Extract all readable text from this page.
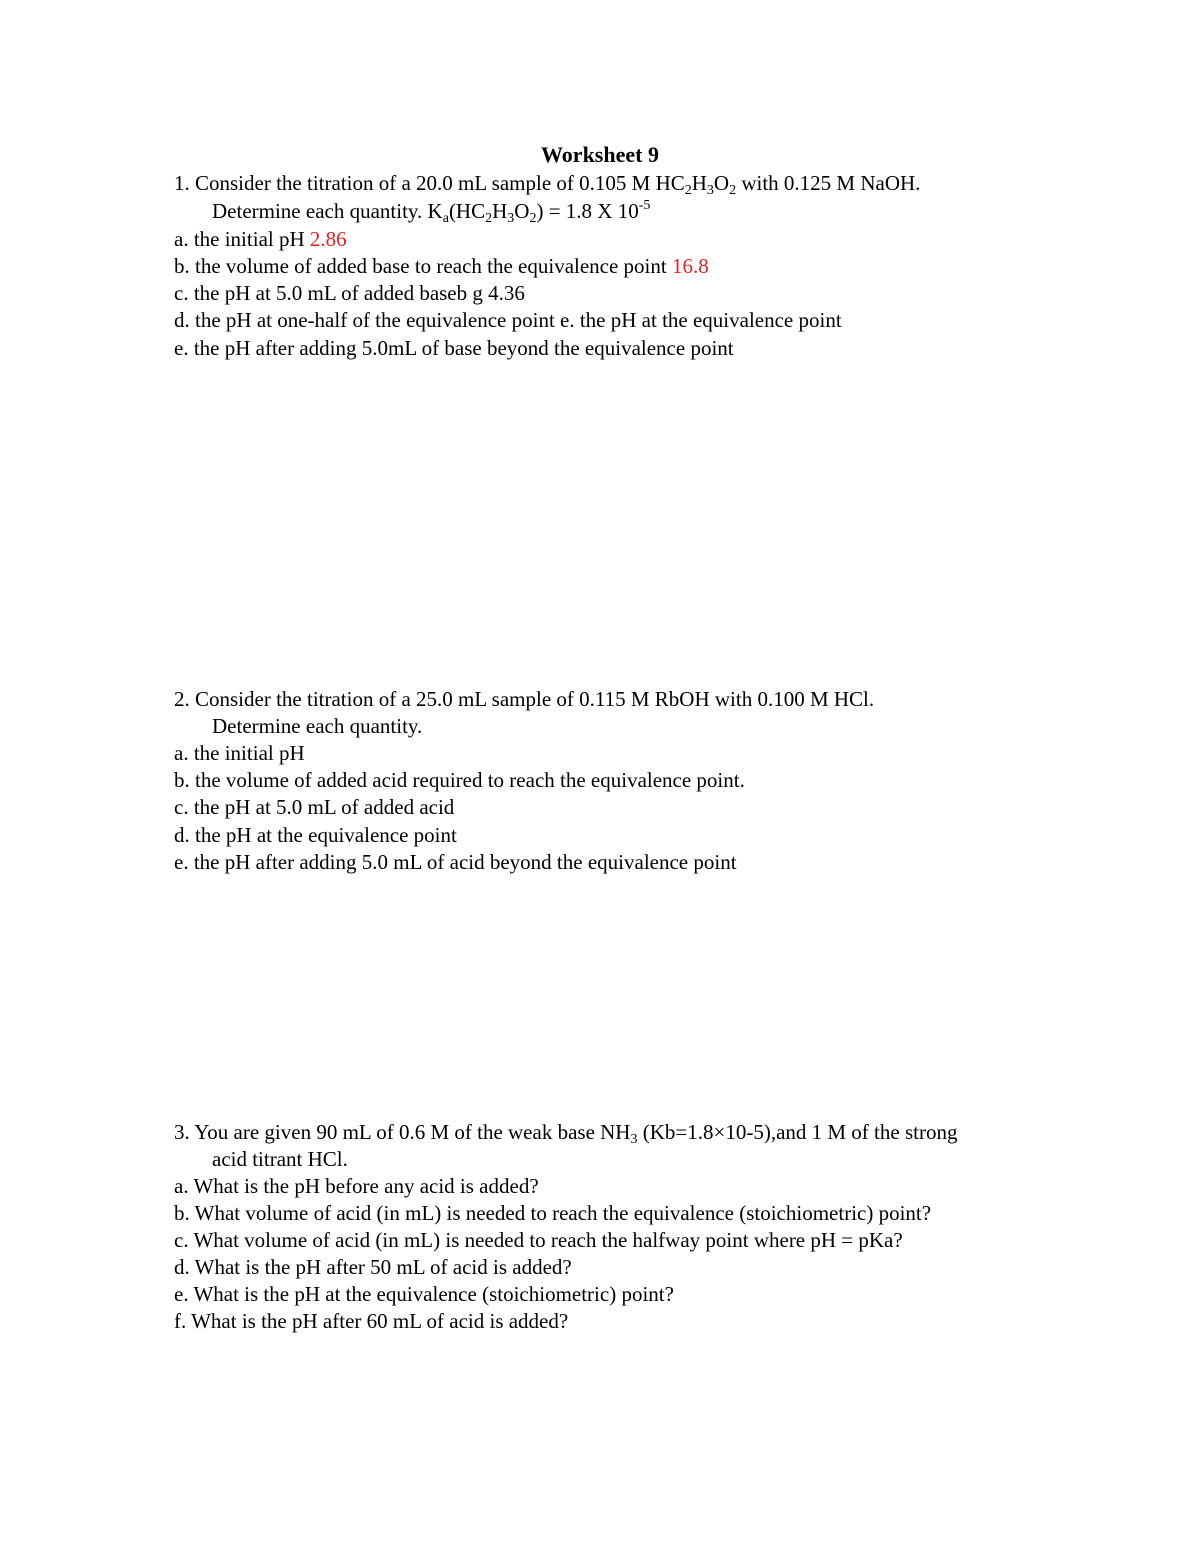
Worksheet 9
1. Consider the titration of a 20.0 mL sample of 0.105 M $HC_2H_3O_2$ with 0.125 M NaOH.
Determine each quantity. $K_a(HC_2H_3O_2) = 1.8$ X $10^{-5}$
a. the initial pH 2.86
b. the volume of added base to reach the equivalence point 16.8
c. the pH at 5.0 mL of added baseb g 4.36
d. the pH at one-half of the equivalence point e. the pH at the equivalence point
e. the pH after adding 5.0mL of base beyond the equivalence point
2. Consider the titration of a 25.0 mL sample of 0.115 M RbOH with 0.100 M HCl.
Determine each quantity.
a. the initial pH
b. the volume of added acid required to reach the equivalence point.
c. the pH at 5.0 mL of added acid
d. the pH at the equivalence point
e. the pH after adding 5.0 mL of acid beyond the equivalence point
3. You are given 90 mL of 0.6 M of the weak base $NH_3$ (Kb=1.8×10-5),and 1 M of the strong
acid titrant HCl.
a. What is the pH before any acid is added?
b. What volume of acid (in mL) is needed to reach the equivalence (stoichiometric) point?
c. What volume of acid (in mL) is needed to reach the halfway point where pH = pKa?
d. What is the pH after 50 mL of acid is added?
e. What is the pH at the equivalence (stoichiometric) point?
f. What is the pH after 60 mL of acid is added?
